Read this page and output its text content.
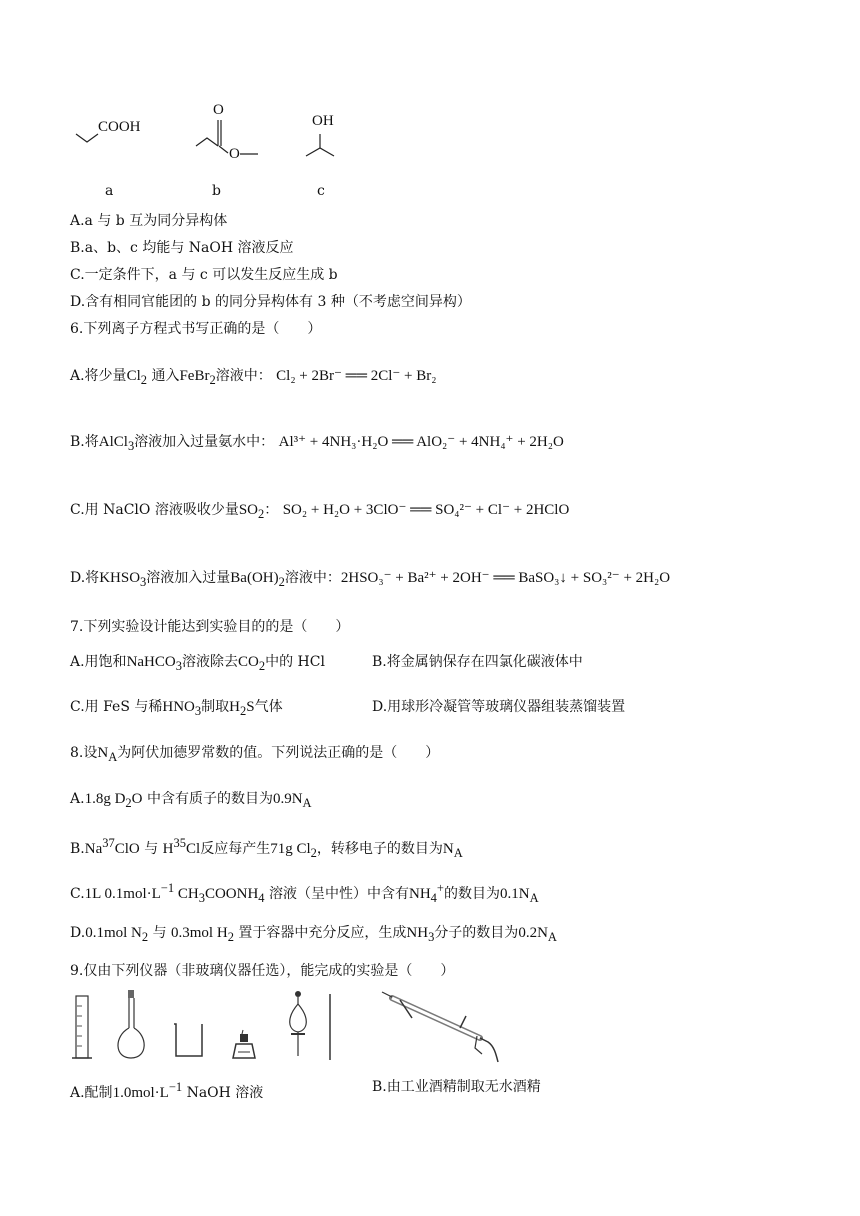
COOH
a
O
O
b
OH
c
A.a 与 b 互为同分异构体
B.a、b、c 均能与 NaOH 溶液反应
C.一定条件下，a 与 c 可以发生反应生成 b
D.含有相同官能团的 b 的同分异构体有 3 种（不考虑空间异构）
6.下列离子方程式书写正确的是（　　）
A.将少量$Cl_2$ 通入FeBr$_2$溶液中： Cl₂ + 2Br⁻ ══ 2Cl⁻ + Br₂
B.将AlCl$_3$溶液加入过量氨水中： Al³⁺ + 4NH₃·H₂O ══ AlO₂⁻ + 4NH₄⁺ + 2H₂O
C.用 NaClO 溶液吸收少量$SO_2$： SO₂ + H₂O + 3ClO⁻ ══ SO₄²⁻ + Cl⁻ + 2HClO
D.将$KHSO_3$溶液加入过量$Ba(OH)_2$溶液中：2HSO₃⁻ + Ba²⁺ + 2OH⁻ ══ BaSO₃↓ + SO₃²⁻ + 2H₂O
7.下列实验设计能达到实验目的的是（　　）
A.用饱和NaHCO$_3$溶液除去$CO_2$中的 HCl	B.将金属钠保存在四氯化碳液体中
C.用 FeS 与稀$HNO_3$制取$H_2S$气体	D.用球形冷凝管等玻璃仪器组装蒸馏装置
8.设$N_A$为阿伏加德罗常数的值。下列说法正确的是（　　）
A.1.8g $D_2O$ 中含有质子的数目为$0.9N_A$
B.Na$^{37}$ClO 与 $H^{35}Cl$反应每产生71g $Cl_2$，转移电子的数目为$N_A$
C.1L $0.1mol\cdot L^{-1}$ $CH_3COONH_4$ 溶液（呈中性）中含有$NH_4^+$的数目为$0.1N_A$
D.0.1mol $N_2$ 与 0.3mol $H_2$ 置于容器中充分反应，生成$NH_3$分子的数目为$0.2N_A$
9.仅由下列仪器（非玻璃仪器任选），能完成的实验是（　　）
A.配制$1.0mol\cdot L^{-1}$ NaOH 溶液	B.由工业酒精制取无水酒精
